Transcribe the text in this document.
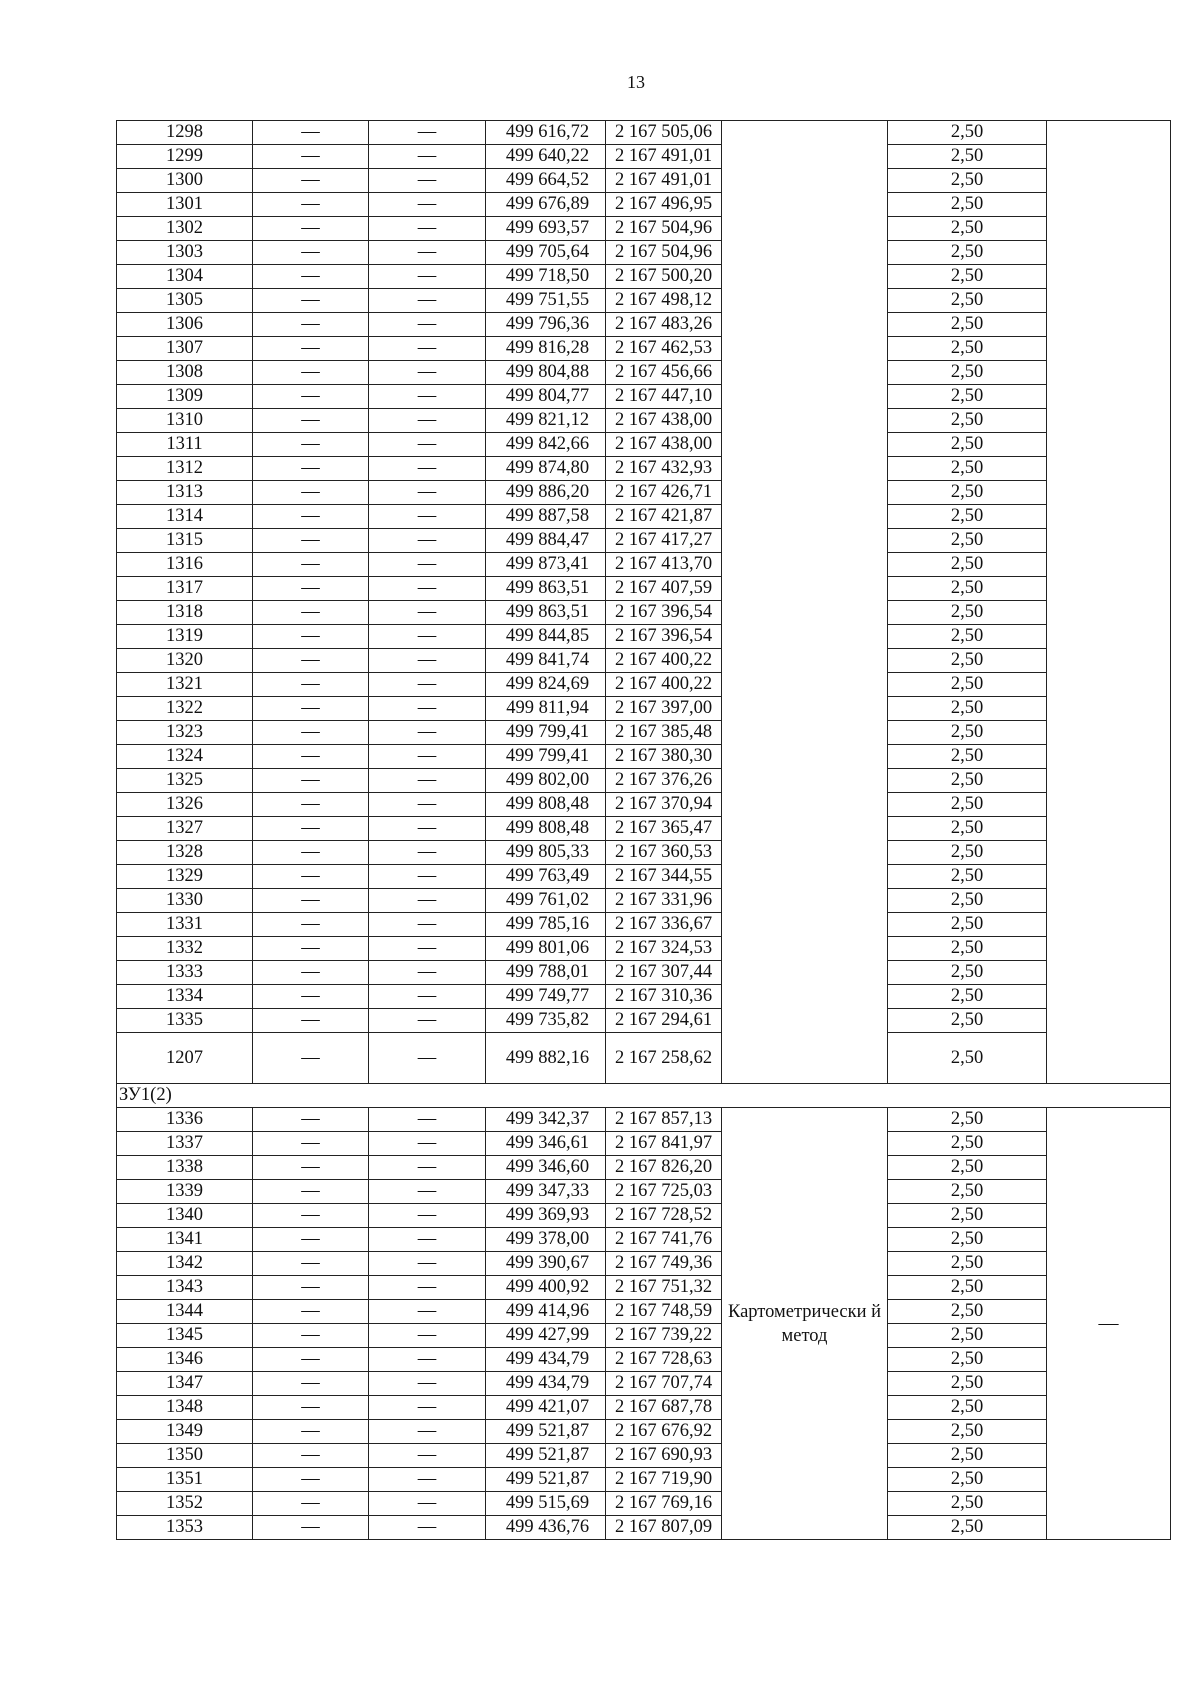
13
1298	—	—	499 616,72	2 167 505,06		2,50	
1299	—	—	499 640,22	2 167 491,01		2,50	
1300	—	—	499 664,52	2 167 491,01		2,50	
1301	—	—	499 676,89	2 167 496,95		2,50	
1302	—	—	499 693,57	2 167 504,96		2,50	
1303	—	—	499 705,64	2 167 504,96		2,50	
1304	—	—	499 718,50	2 167 500,20		2,50	
1305	—	—	499 751,55	2 167 498,12		2,50	
1306	—	—	499 796,36	2 167 483,26		2,50	
1307	—	—	499 816,28	2 167 462,53		2,50	
1308	—	—	499 804,88	2 167 456,66		2,50	
1309	—	—	499 804,77	2 167 447,10		2,50	
1310	—	—	499 821,12	2 167 438,00		2,50	
1311	—	—	499 842,66	2 167 438,00		2,50	
1312	—	—	499 874,80	2 167 432,93		2,50	
1313	—	—	499 886,20	2 167 426,71		2,50	
1314	—	—	499 887,58	2 167 421,87		2,50	
1315	—	—	499 884,47	2 167 417,27		2,50	
1316	—	—	499 873,41	2 167 413,70		2,50	
1317	—	—	499 863,51	2 167 407,59		2,50	
1318	—	—	499 863,51	2 167 396,54		2,50	
1319	—	—	499 844,85	2 167 396,54		2,50	
1320	—	—	499 841,74	2 167 400,22		2,50	
1321	—	—	499 824,69	2 167 400,22		2,50	
1322	—	—	499 811,94	2 167 397,00		2,50	
1323	—	—	499 799,41	2 167 385,48		2,50	
1324	—	—	499 799,41	2 167 380,30		2,50	
1325	—	—	499 802,00	2 167 376,26		2,50	
1326	—	—	499 808,48	2 167 370,94		2,50	
1327	—	—	499 808,48	2 167 365,47		2,50	
1328	—	—	499 805,33	2 167 360,53		2,50	
1329	—	—	499 763,49	2 167 344,55		2,50	
1330	—	—	499 761,02	2 167 331,96		2,50	
1331	—	—	499 785,16	2 167 336,67		2,50	
1332	—	—	499 801,06	2 167 324,53		2,50	
1333	—	—	499 788,01	2 167 307,44		2,50	
1334	—	—	499 749,77	2 167 310,36		2,50	
1335	—	—	499 735,82	2 167 294,61		2,50	
1207	—	—	499 882,16	2 167 258,62		2,50	
ЗУ1(2)							
1336	—	—	499 342,37	2 167 857,13	Картометрически й метод	2,50	—
1337	—	—	499 346,61	2 167 841,97		2,50	
1338	—	—	499 346,60	2 167 826,20		2,50	
1339	—	—	499 347,33	2 167 725,03		2,50	
1340	—	—	499 369,93	2 167 728,52		2,50	
1341	—	—	499 378,00	2 167 741,76		2,50	
1342	—	—	499 390,67	2 167 749,36		2,50	
1343	—	—	499 400,92	2 167 751,32		2,50	
1344	—	—	499 414,96	2 167 748,59		2,50	
1345	—	—	499 427,99	2 167 739,22		2,50	
1346	—	—	499 434,79	2 167 728,63		2,50	
1347	—	—	499 434,79	2 167 707,74		2,50	
1348	—	—	499 421,07	2 167 687,78		2,50	
1349	—	—	499 521,87	2 167 676,92		2,50	
1350	—	—	499 521,87	2 167 690,93		2,50	
1351	—	—	499 521,87	2 167 719,90		2,50	
1352	—	—	499 515,69	2 167 769,16		2,50	
1353	—	—	499 436,76	2 167 807,09		2,50	
